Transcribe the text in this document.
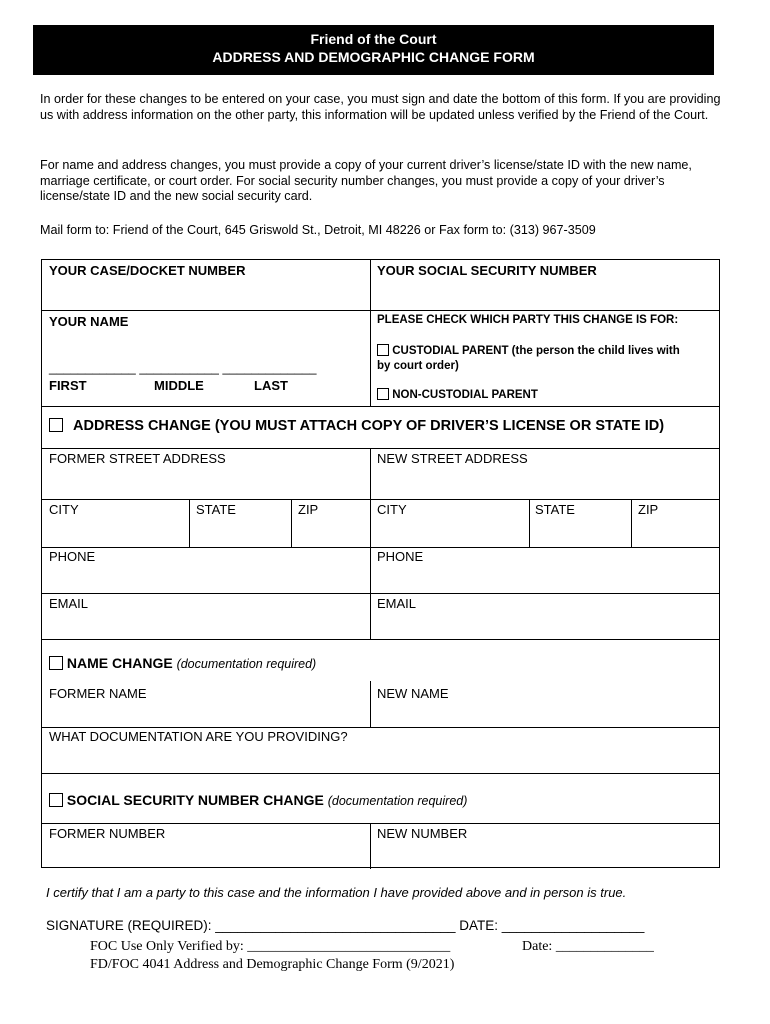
Friend of the Court
ADDRESS AND DEMOGRAPHIC CHANGE FORM
In order for these changes to be entered on your case, you must sign and date the bottom of this form. If you are providing us with address information on the other party, this information will be updated unless verified by the Friend of the Court.
For name and address changes, you must provide a copy of your current driver’s license/state ID with the new name, marriage certificate, or court order. For social security number changes, you must provide a copy of your driver’s license/state ID and the new social security card.
Mail form to: Friend of the Court, 645 Griswold St., Detroit, MI 48226 or Fax form to: (313) 967-3509
YOUR CASE/DOCKET NUMBER	YOUR SOCIAL SECURITY NUMBER
YOUR NAME
____________ ___________ _____________
FIRST	MIDDLE	LAST
PLEASE CHECK WHICH PARTY THIS CHANGE IS FOR:
CUSTODIAL PARENT (the person the child lives with
by court order)
NON-CUSTODIAL PARENT
ADDRESS CHANGE (YOU MUST ATTACH COPY OF DRIVER’S LICENSE OR STATE ID)
FORMER STREET ADDRESS	NEW STREET ADDRESS
CITY	STATE	ZIP	CITY	STATE	ZIP
PHONE	PHONE
EMAIL	EMAIL
NAME CHANGE (documentation required)
FORMER NAME	NEW NAME
WHAT DOCUMENTATION ARE YOU PROVIDING?
SOCIAL SECURITY NUMBER CHANGE (documentation required)
FORMER NUMBER	NEW NUMBER
I certify that I am a party to this case and the information I have provided above and in person is true.
SIGNATURE (REQUIRED): ________________________________ DATE: ___________________
FOC Use Only Verified by: _____________________________	Date: ______________
FD/FOC 4041 Address and Demographic Change Form (9/2021)
